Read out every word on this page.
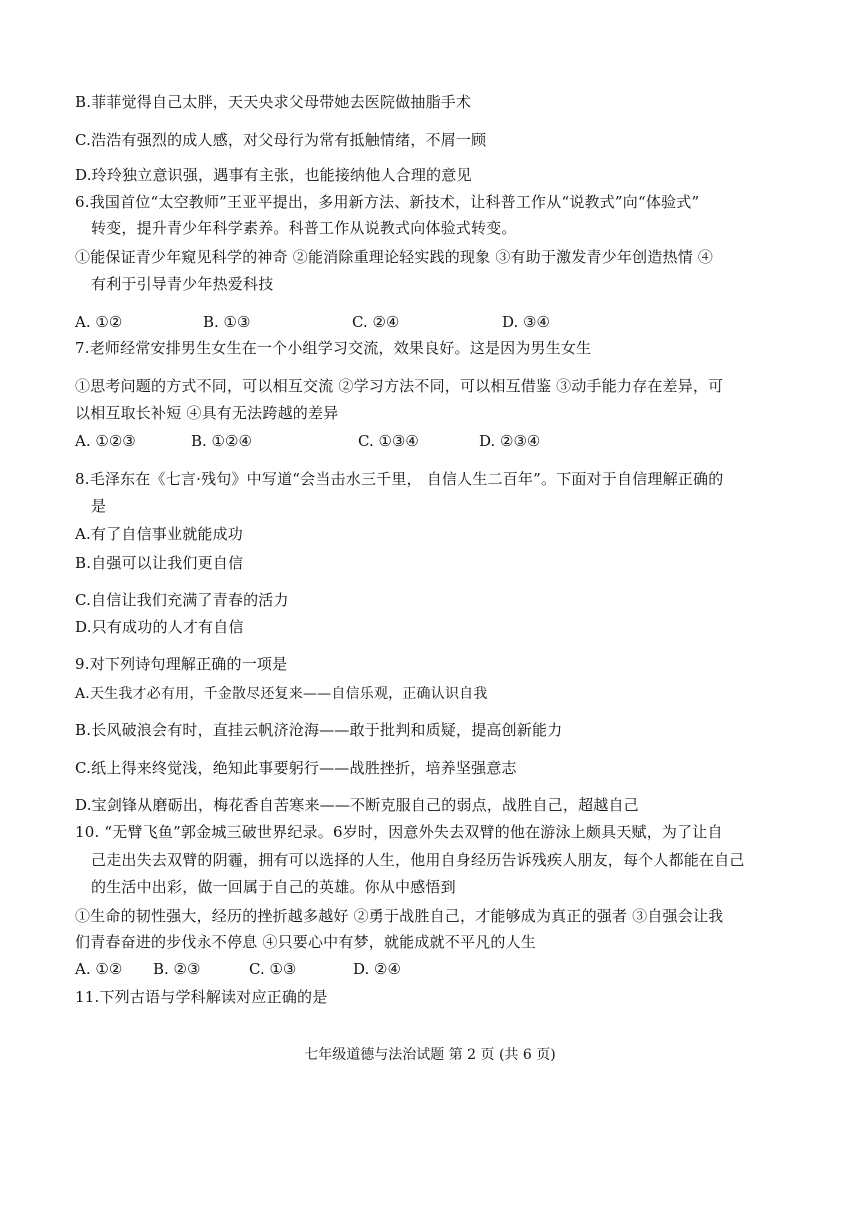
B.菲菲觉得自己太胖，天天央求父母带她去医院做抽脂手术
C.浩浩有强烈的成人感，对父母行为常有抵触情绪，不屑一顾
D.玲玲独立意识强，遇事有主张，也能接纳他人合理的意见
6.我国首位“太空教师”王亚平提出，多用新方法、新技术，让科普工作从“说教式”向“体验式”
转变，提升青少年科学素养。科普工作从说教式向体验式转变。
①能保证青少年窥见科学的神奇 ②能消除重理论轻实践的现象 ③有助于激发青少年创造热情 ④
有利于引导青少年热爱科技
A. ①②	B. ①③	C. ②④	D. ③④
7.老师经常安排男生女生在一个小组学习交流，效果良好。这是因为男生女生
①思考问题的方式不同，可以相互交流 ②学习方法不同，可以相互借鉴 ③动手能力存在差异，可
以相互取长补短 ④具有无法跨越的差异
A. ①②③	B. ①②④	C. ①③④	D. ②③④
8.毛泽东在《七言·残句》中写道“会当击水三千里， 自信人生二百年”。下面对于自信理解正确的
是
A.有了自信事业就能成功
B.自强可以让我们更自信
C.自信让我们充满了青春的活力
D.只有成功的人才有自信
9.对下列诗句理解正确的一项是
A.天生我才必有用，千金散尽还复来——自信乐观，正确认识自我
B.长风破浪会有时，直挂云帆济沧海——敢于批判和质疑，提高创新能力
C.纸上得来终觉浅，绝知此事要躬行——战胜挫折，培养坚强意志
D.宝剑锋从磨砺出，梅花香自苦寒来——不断克服自己的弱点，战胜自己，超越自己
10. “无臂飞鱼”郭金城三破世界纪录。6岁时，因意外失去双臂的他在游泳上颇具天赋，为了让自
己走出失去双臂的阴霾，拥有可以选择的人生，他用自身经历告诉残疾人朋友，每个人都能在自己
的生活中出彩，做一回属于自己的英雄。你从中感悟到
①生命的韧性强大，经历的挫折越多越好 ②勇于战胜自己，才能够成为真正的强者 ③自强会让我
们青春奋进的步伐永不停息 ④只要心中有梦，就能成就不平凡的人生
A. ①② B. ②③	C. ①③	D. ②④
11.下列古语与学科解读对应正确的是
七年级道德与法治试题 第 2 页 (共 6 页)
